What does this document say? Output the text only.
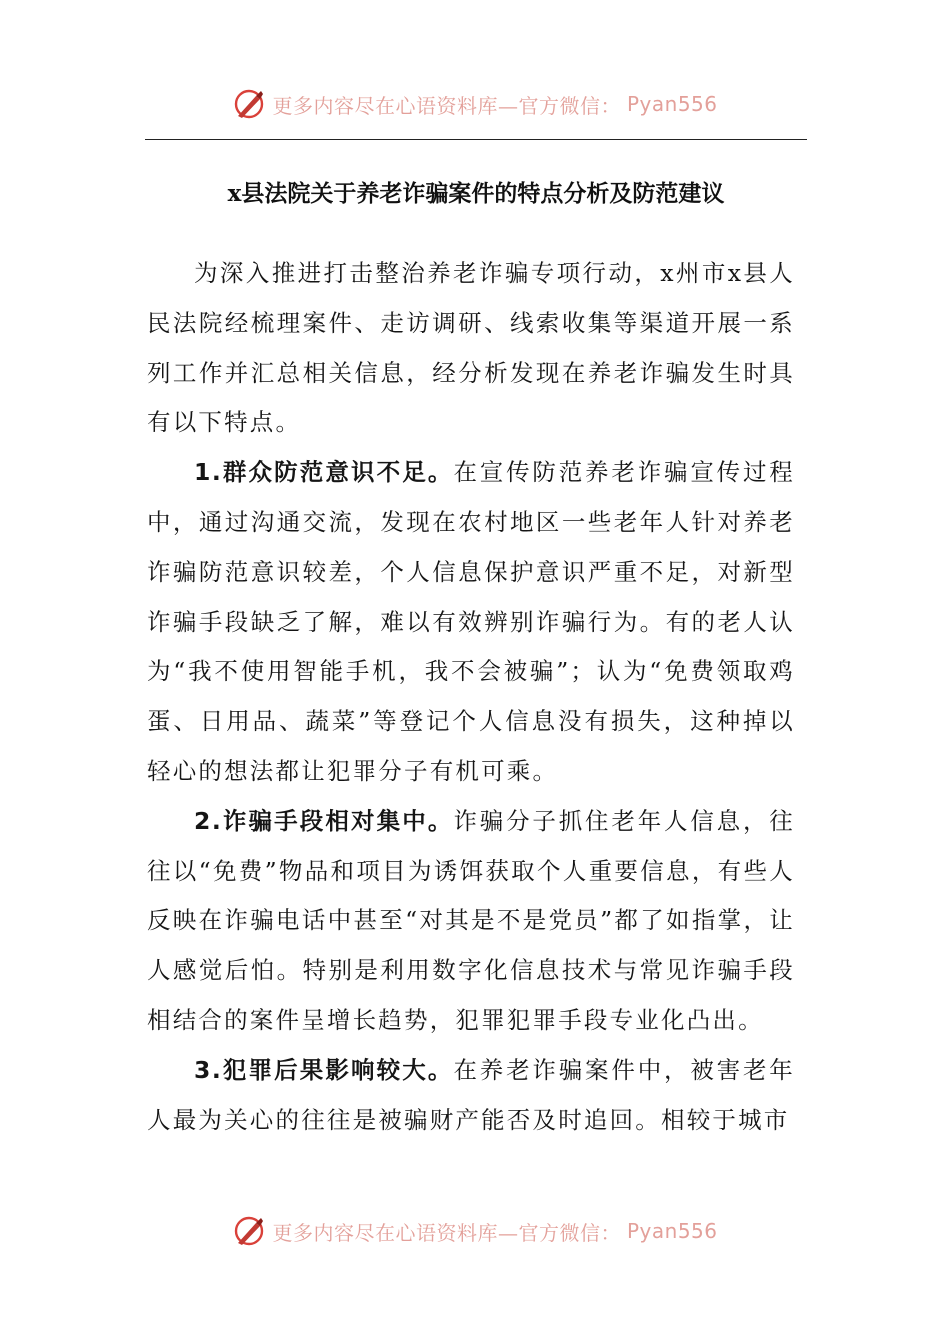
更多内容尽在心语资料库—官方微信： Pyan556
x县法院关于养老诈骗案件的特点分析及防范建议

为深入推进打击整治养老诈骗专项行动，x州市x县人民法院经梳理案件、走访调研、线索收集等渠道开展一系列工作并汇总相关信息，经分析发现在养老诈骗发生时具有以下特点。

1.群众防范意识不足。在宣传防范养老诈骗宣传过程中，通过沟通交流，发现在农村地区一些老年人针对养老诈骗防范意识较差，个人信息保护意识严重不足，对新型诈骗手段缺乏了解，难以有效辨别诈骗行为。有的老人认为“我不使用智能手机，我不会被骗”；认为“免费领取鸡蛋、日用品、蔬菜”等登记个人信息没有损失，这种掉以轻心的想法都让犯罪分子有机可乘。

2.诈骗手段相对集中。诈骗分子抓住老年人信息，往往以“免费”物品和项目为诱饵获取个人重要信息，有些人反映在诈骗电话中甚至“对其是不是党员”都了如指掌，让人感觉后怕。特别是利用数字化信息技术与常见诈骗手段相结合的案件呈增长趋势，犯罪犯罪手段专业化凸出。

3.犯罪后果影响较大。在养老诈骗案件中，被害老年人最为关心的往往是被骗财产能否及时追回。相较于城市

更多内容尽在心语资料库—官方微信： Pyan556
